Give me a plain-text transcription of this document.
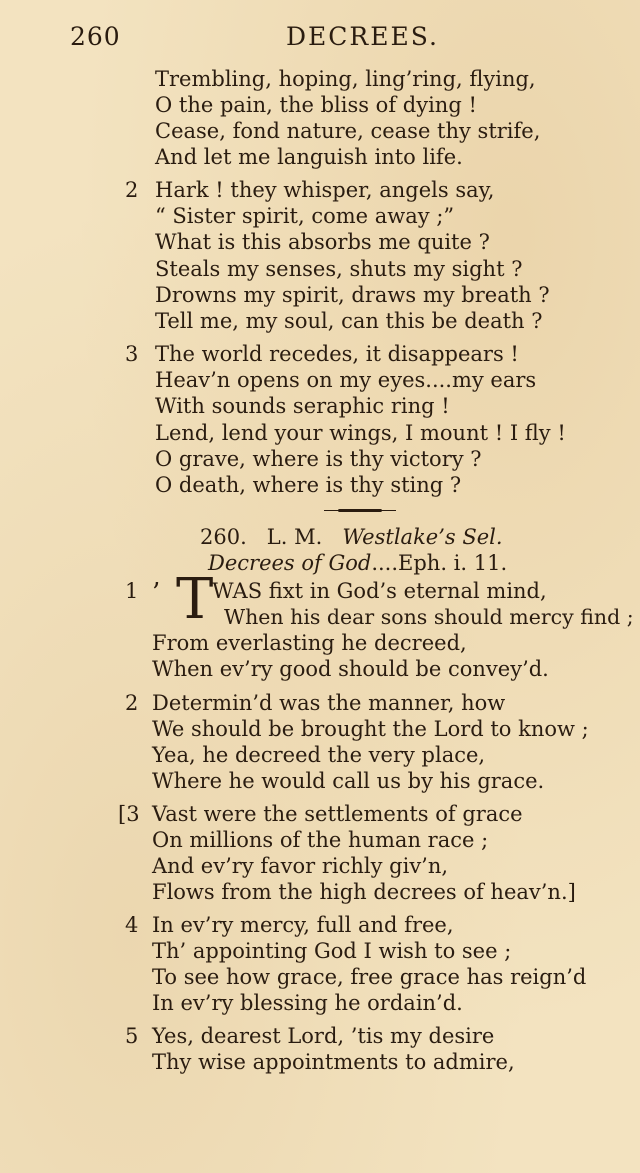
260	DECREES.
Trembling, hoping, ling’ring, flying,
O the pain, the bliss of dying !
Cease, fond nature, cease thy strife,
And let me languish into life.
2 Hark ! they whisper, angels say,
“ Sister spirit, come away ;”
What is this absorbs me quite ?
Steals my senses, shuts my sight ?
Drowns my spirit, draws my breath ?
Tell me, my soul, can this be death ?
3 The world recedes, it disappears !
Heav’n opens on my eyes....my ears
With sounds seraphic ring !
Lend, lend your wings, I mount ! I fly !
O grave, where is thy victory ?
O death, where is thy sting ?
260. L. M. Westlake’s Sel.
Decrees of God....Eph. i. 11.
1 ’ T
WAS fixt in God’s eternal mind,
When his dear sons should mercy find ;
From everlasting he decreed,
When ev’ry good should be convey’d.
2 Determin’d was the manner, how
We should be brought the Lord to know ;
Yea, he decreed the very place,
Where he would call us by his grace.
[3 Vast were the settlements of grace
On millions of the human race ;
And ev’ry favor richly giv’n,
Flows from the high decrees of heav’n.]
4 In ev’ry mercy, full and free,
Th’ appointing God I wish to see ;
To see how grace, free grace has reign’d
In ev’ry blessing he ordain’d.
5 Yes, dearest Lord, ’tis my desire
Thy wise appointments to admire,
